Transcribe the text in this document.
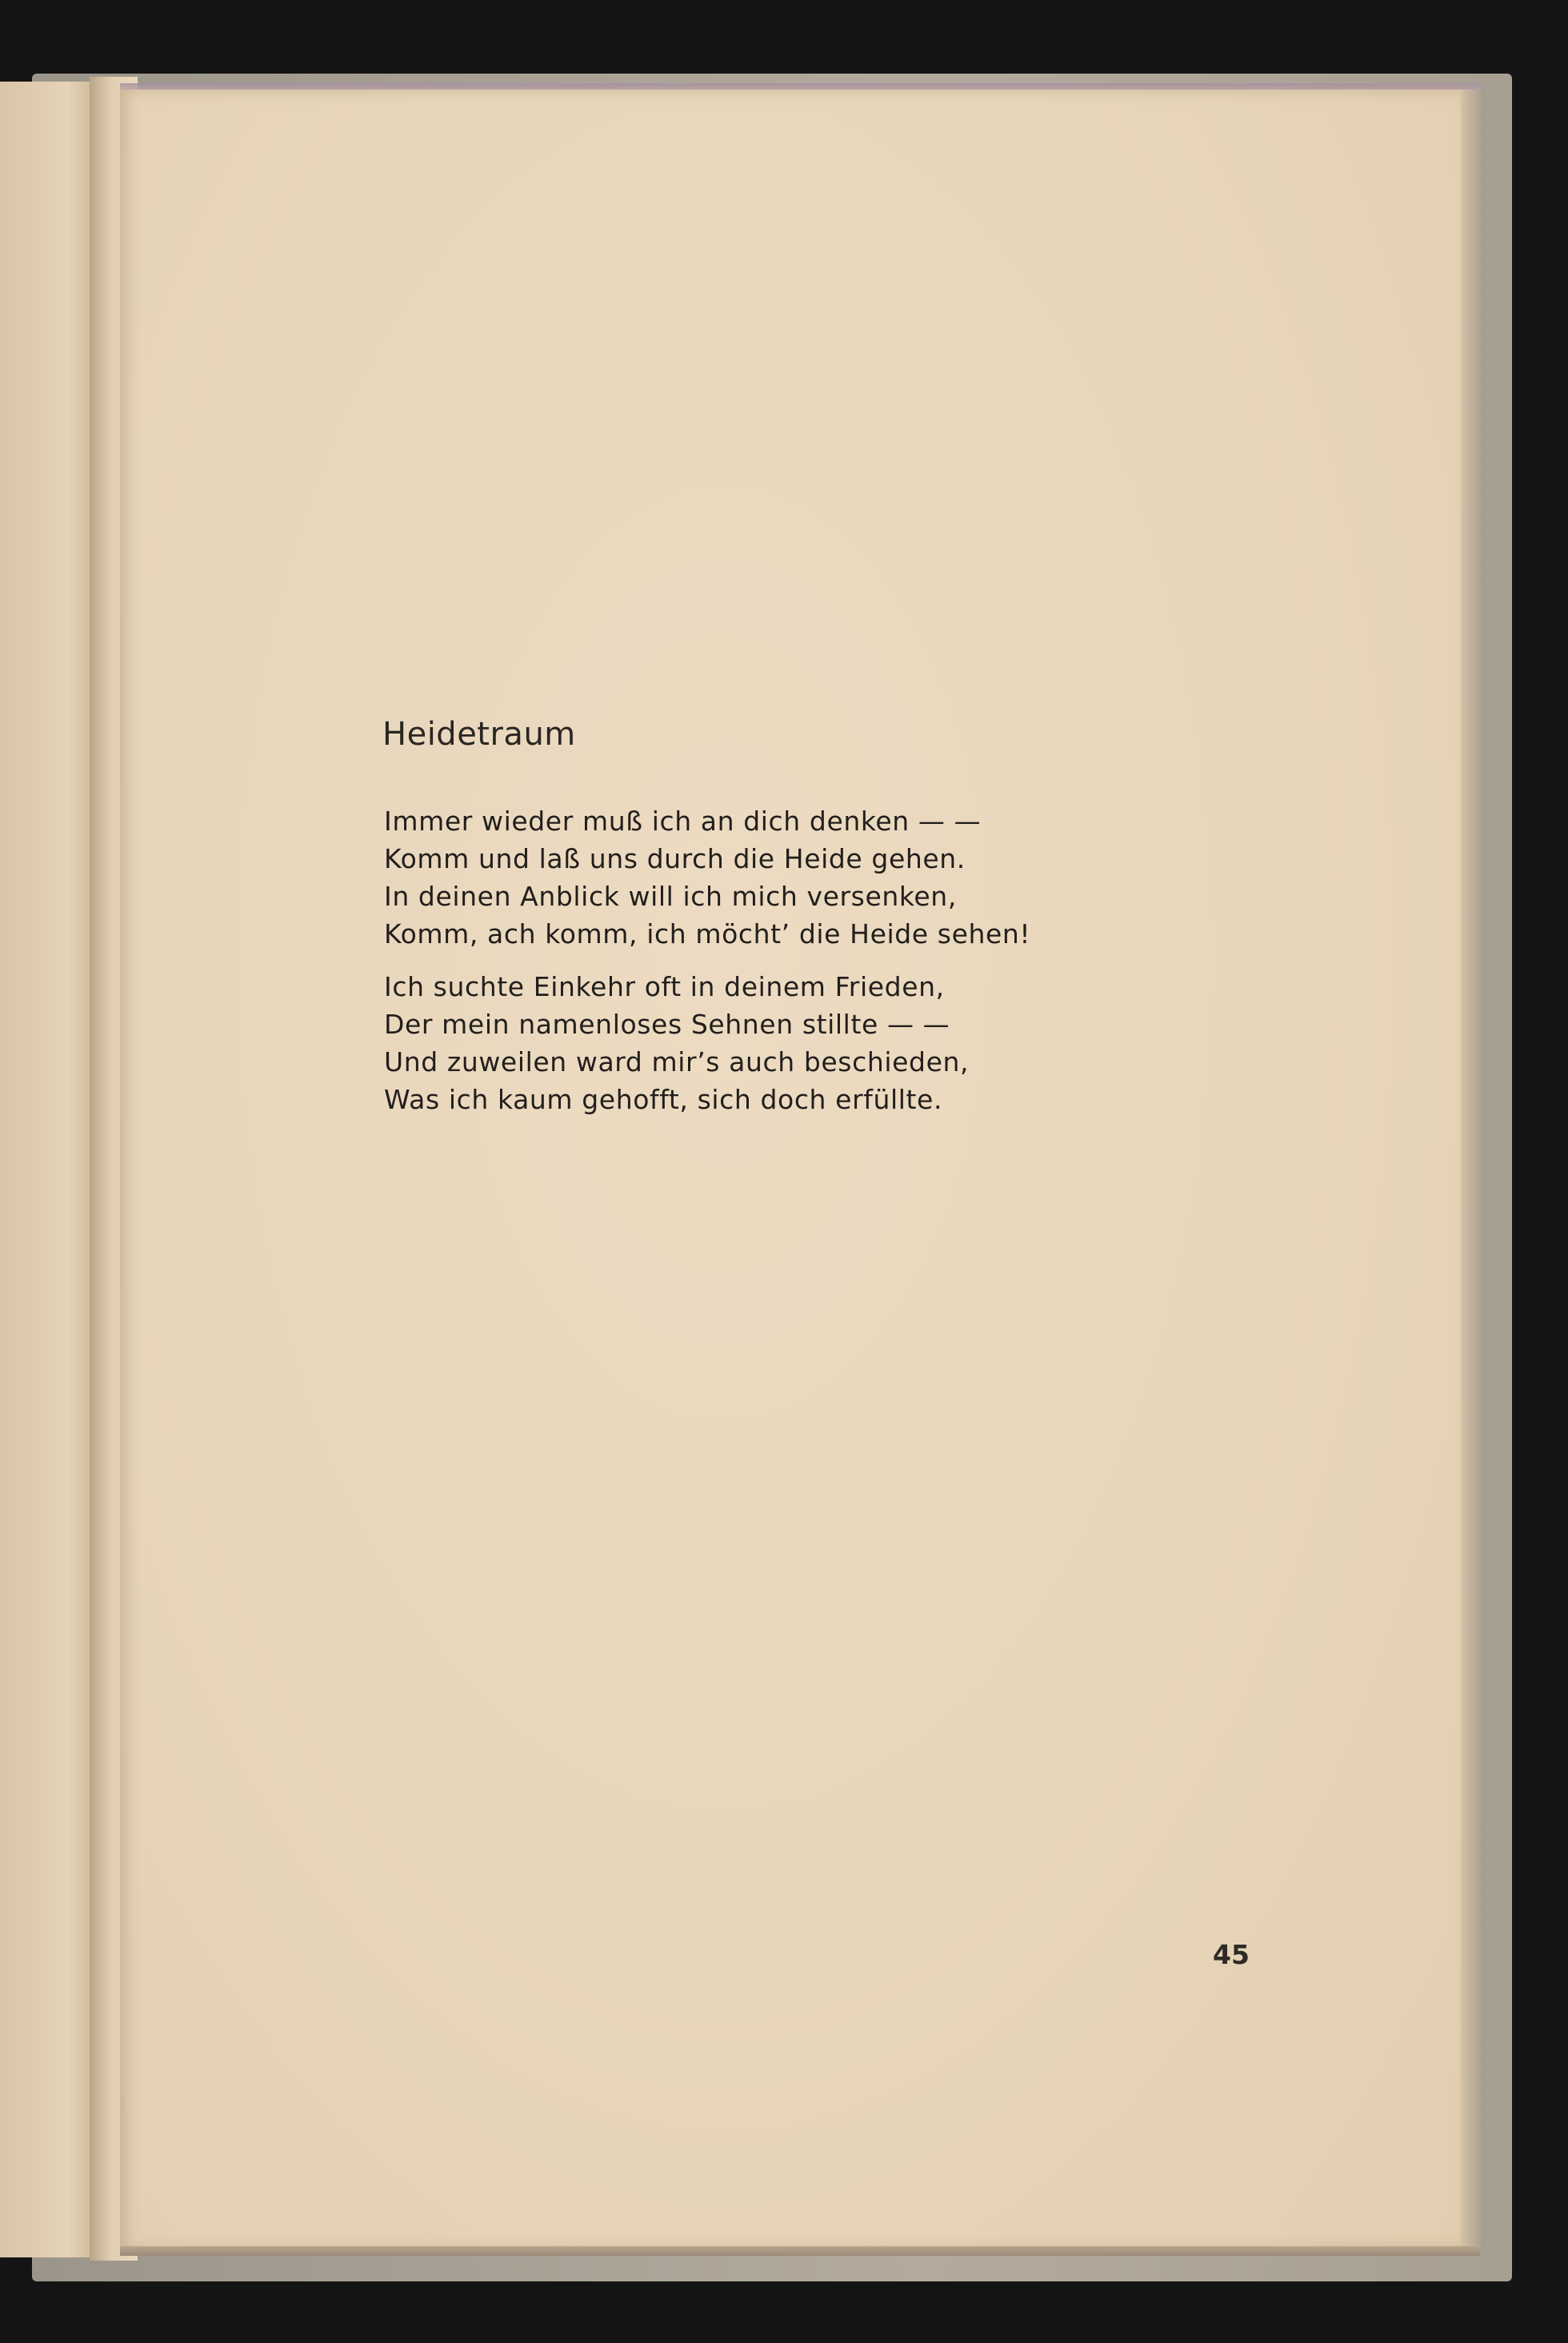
Heidetraum
Immer wieder muß ich an dich denken — —
Komm und laß uns durch die Heide gehen.
In deinen Anblick will ich mich versenken,
Komm, ach komm, ich möcht’ die Heide sehen!
Ich suchte Einkehr oft in deinem Frieden,
Der mein namenloses Sehnen stillte — —
Und zuweilen ward mir’s auch beschieden,
Was ich kaum gehofft, sich doch erfüllte.
45
